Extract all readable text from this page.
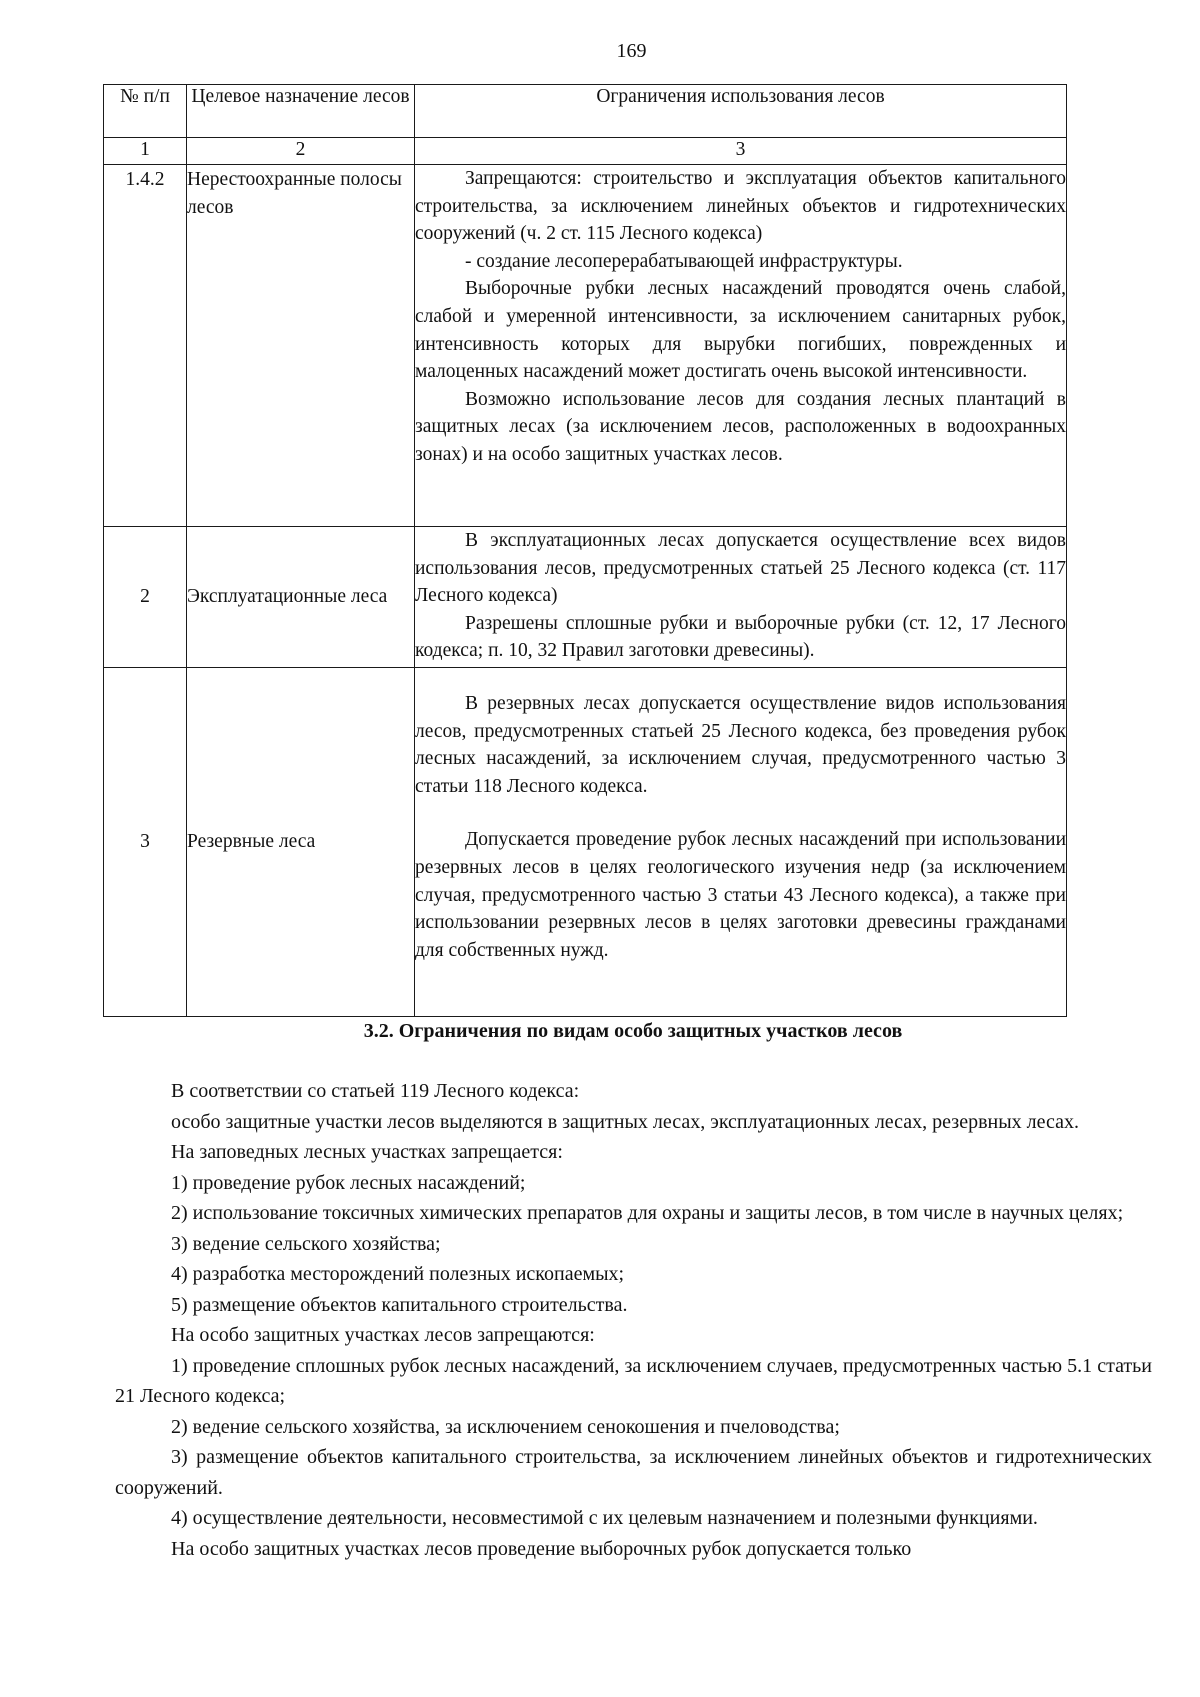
169
№ п/п	Целевое назначение лесов	Ограничения использования лесов
1	2	3
1.4.2	Нерестоохранные полосы лесов	Запрещаются: строительство и эксплуатация объектов капитального строительства, за исключением линейных объектов и гидротехнических сооружений (ч. 2 ст. 115 Лесного кодекса)

- создание лесоперерабатывающей инфраструктуры.

Выборочные рубки лесных насаждений проводятся очень слабой, слабой и умеренной интенсивности, за исключением санитарных рубок, интенсивность которых для вырубки погибших, поврежденных и малоценных насаждений может достигать очень высокой интенсивности.

Возможно использование лесов для создания лесных плантаций в защитных лесах (за исключением лесов, расположенных в водоохранных зонах) и на особо защитных участках лесов.

2	Эксплуатационные леса	В эксплуатационных лесах допускается осуществление всех видов использования лесов, предусмотренных статьей 25 Лесного кодекса (ст. 117 Лесного кодекса)

Разрешены сплошные рубки и выборочные рубки (ст. 12, 17 Лесного кодекса; п. 10, 32 Правил заготовки древесины).

3	Резервные леса	В резервных лесах допускается осуществление видов использования лесов, предусмотренных статьей 25 Лесного кодекса, без проведения рубок лесных насаждений, за исключением случая, предусмотренного частью 3 статьи 118 Лесного кодекса.

Допускается проведение рубок лесных насаждений при использовании резервных лесов в целях геологического изучения недр (за исключением случая, предусмотренного частью 3 статьи 43 Лесного кодекса), а также при использовании резервных лесов в целях заготовки древесины гражданами для собственных нужд.

3.2. Ограничения по видам особо защитных участков лесов

В соответствии со статьей 119 Лесного кодекса:

особо защитные участки лесов выделяются в защитных лесах, эксплуатационных лесах, резервных лесах.

На заповедных лесных участках запрещается:

1) проведение рубок лесных насаждений;

2) использование токсичных химических препаратов для охраны и защиты лесов, в том числе в научных целях;

3) ведение сельского хозяйства;

4) разработка месторождений полезных ископаемых;

5) размещение объектов капитального строительства.

На особо защитных участках лесов запрещаются:

1) проведение сплошных рубок лесных насаждений, за исключением случаев, предусмотренных частью 5.1 статьи 21 Лесного кодекса;

2) ведение сельского хозяйства, за исключением сенокошения и пчеловодства;

3) размещение объектов капитального строительства, за исключением линейных объектов и гидротехнических сооружений.

4) осуществление деятельности, несовместимой с их целевым назначением и полезными функциями.

На особо защитных участках лесов проведение выборочных рубок допускается только
